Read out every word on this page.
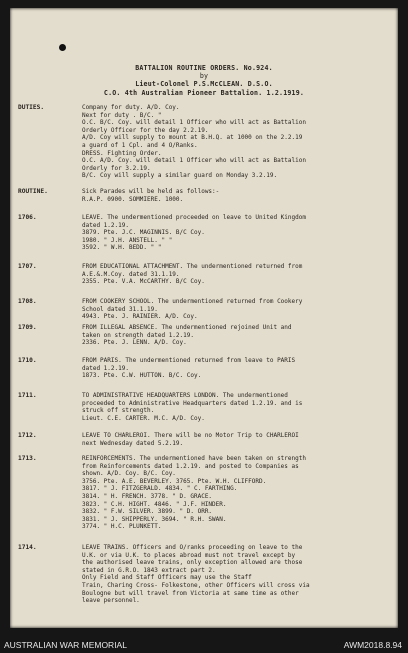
BATTALION ROUTINE ORDERS. No.924.
by
Lieut-Colonel P.S.McCLEAN. D.S.O.
C.O. 4th Australian Pioneer Battalion. 1.2.1919.
DUTIES.	Company for duty. A/D. Coy.
Next for duty . B/C. "
O.C. B/C. Coy. will detail 1 Officer who will act as Battalion
Orderly Officer for the day 2.2.19.
A/D. Coy will supply to mount at B.H.Q. at 1000 on the 2.2.19
a guard of 1 Cpl. and 4 O/Ranks.
DRESS. Fighting Order.
O.C. A/D. Coy. will detail 1 Officer who will act as Battalion
Orderly for 3.2.19.
B/C. Coy will supply a similar guard on Monday 3.2.19.
ROUTINE.	Sick Parades will be held as follows:-
R.A.P. 0900. SOMMIERE. 1000.
1706.	LEAVE. The undermentioned proceeded on leave to United Kingdom
dated 1.2.19.
3879. Pte. J.C. MAGINNIS. B/C Coy.
1980. " J.H. ANSTELL. " "
3592. " W.H. BEDD. " "
1707.	FROM EDUCATIONAL ATTACHMENT. The undermentioned returned from
A.E.&.M.Coy. dated 31.1.19.
2355. Pte. V.A. McCARTHY. B/C Coy.
1708.	FROM COOKERY SCHOOL. The undermentioned returned from Cookery
School dated 31.1.19.
4943. Pte. J. RAINIER. A/D. Coy.
1709.	FROM ILLEGAL ABSENCE. The undermentioned rejoined Unit and
taken on strength dated 1.2.19.
2336. Pte. J. LENN. A/D. Coy.
1710.	FROM PARIS. The undermentioned returned from leave to PARIS
dated 1.2.19.
1873. Pte. C.W. HUTTON. B/C. Coy.
1711.	TO ADMINISTRATIVE HEADQUARTERS LONDON. The undermentioned
proceeded to Administrative Headquarters dated 1.2.19. and is
struck off strength.
Lieut. C.E. CARTER. M.C. A/D. Coy.
1712.	LEAVE TO CHARLEROI. There will be no Motor Trip to CHARLEROI
next Wednesday dated 5.2.19.
1713.	REINFORCEMENTS. The undermentioned have been taken on strength
from Reinforcements dated 1.2.19. and posted to Companies as
shown. A/D. Coy. B/C. Coy.
3756. Pte. A.E. BEVERLEY. 3765. Pte. W.H. CLIFFORD.
3817. " J. FITZGERALD. 4834. " C. FARTHING.
3814. " H. FRENCH. 3778. " D. GRACE.
3823. " C.H. HIGHT. 4846. " J.F. HINDER.
3832. " F.W. SILVER. 3899. " D. ORR.
3831. " J. SHIPPERLY. 3694. " R.H. SWAN.
3774. " H.C. PLUNKETT.
1714.	LEAVE TRAINS. Officers and O/ranks proceeding on leave to the
U.K. or via U.K. to places abroad must not travel except by
the authorised leave trains, only exception allowed are those
stated in G.R.O. 1843 extract part 2.
Only Field and Staff Officers may use the Staff
Train, Charing Cross- Folkestone, other Officers will cross via
Boulogne but will travel from Victoria at same time as other
leave personnel.
AUSTRALIAN WAR MEMORIAL	AWM2018.8.94
